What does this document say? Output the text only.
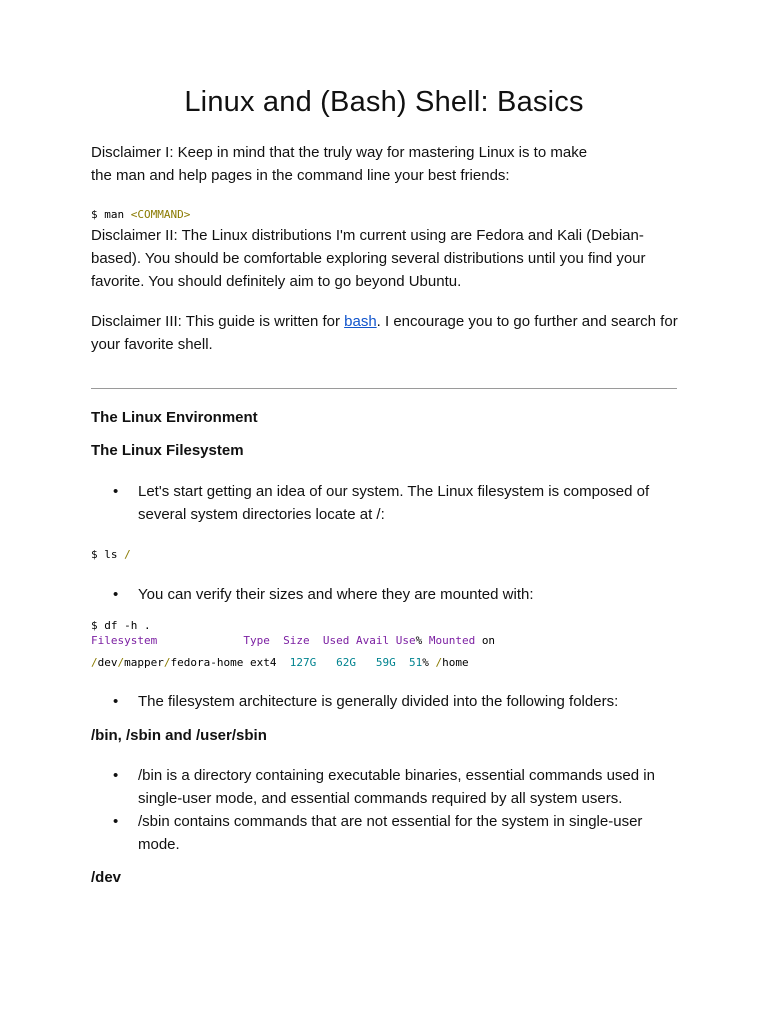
Linux and (Bash) Shell: Basics
Disclaimer I: Keep in mind that the truly way for mastering Linux is to make
the man and help pages in the command line your best friends:
$ man <COMMAND>
Disclaimer II: The Linux distributions I'm current using are Fedora and Kali (Debian-based). You should be comfortable exploring several distributions until you find your favorite. You should definitely aim to go beyond Ubuntu.
Disclaimer III: This guide is written for bash. I encourage you to go further and search for your favorite shell.
The Linux Environment
The Linux Filesystem
• Let's start getting an idea of our system. The Linux filesystem is composed of several system directories locate at /:
$ ls /
• You can verify their sizes and where they are mounted with:
$ df -h .
Filesystem	Type Size Used Avail Use% Mounted on
/dev/mapper/fedora-home ext4 127G 62G 59G 51% /home
• The filesystem architecture is generally divided into the following folders:
/bin, /sbin and /user/sbin
• /bin is a directory containing executable binaries, essential commands used in single-user mode, and essential commands required by all system users.
• /sbin contains commands that are not essential for the system in single-user mode.
/dev
